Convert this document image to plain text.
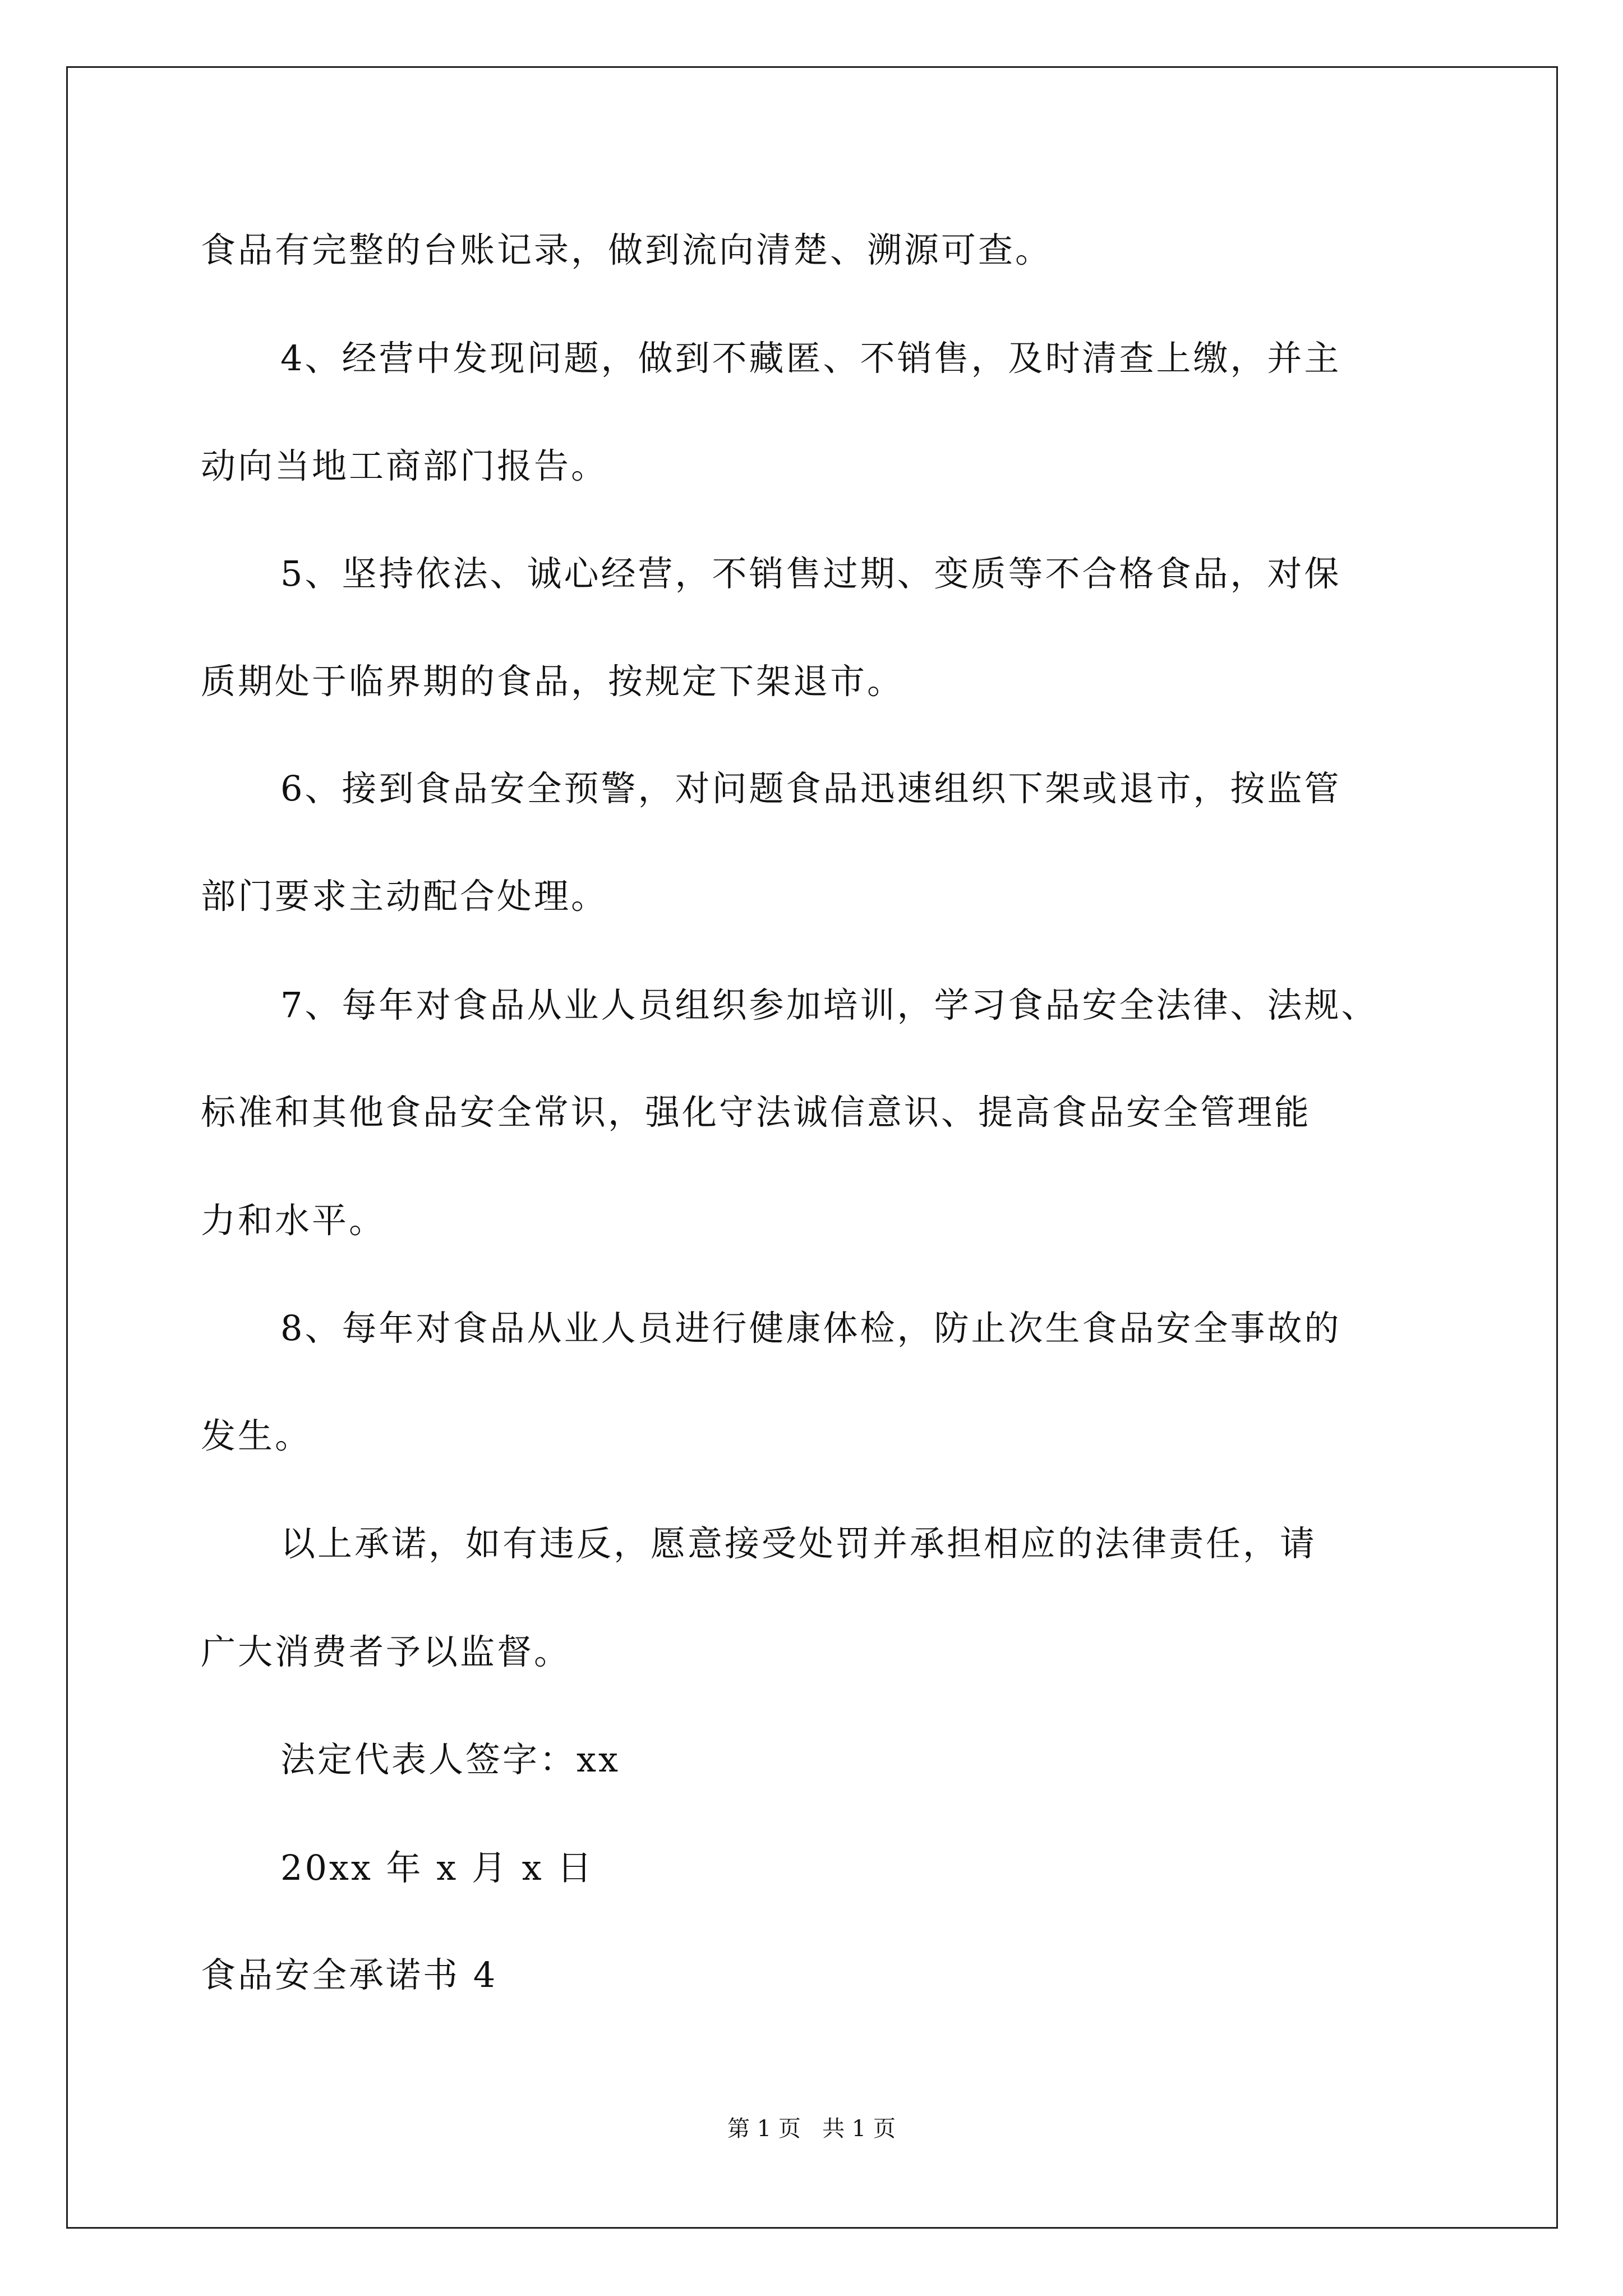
食品有完整的台账记录，做到流向清楚、溯源可查。
4、经营中发现问题，做到不藏匿、不销售，及时清查上缴，并主
动向当地工商部门报告。
5、坚持依法、诚心经营，不销售过期、变质等不合格食品，对保
质期处于临界期的食品，按规定下架退市。
6、接到食品安全预警，对问题食品迅速组织下架或退市，按监管
部门要求主动配合处理。
7、每年对食品从业人员组织参加培训，学习食品安全法律、法规、
标准和其他食品安全常识，强化守法诚信意识、提高食品安全管理能
力和水平。
8、每年对食品从业人员进行健康体检，防止次生食品安全事故的
发生。
以上承诺，如有违反，愿意接受处罚并承担相应的法律责任，请
广大消费者予以监督。
法定代表人签字：xx
20xx 年 x 月 x 日
食品安全承诺书 4
第 1 页   共 1 页
